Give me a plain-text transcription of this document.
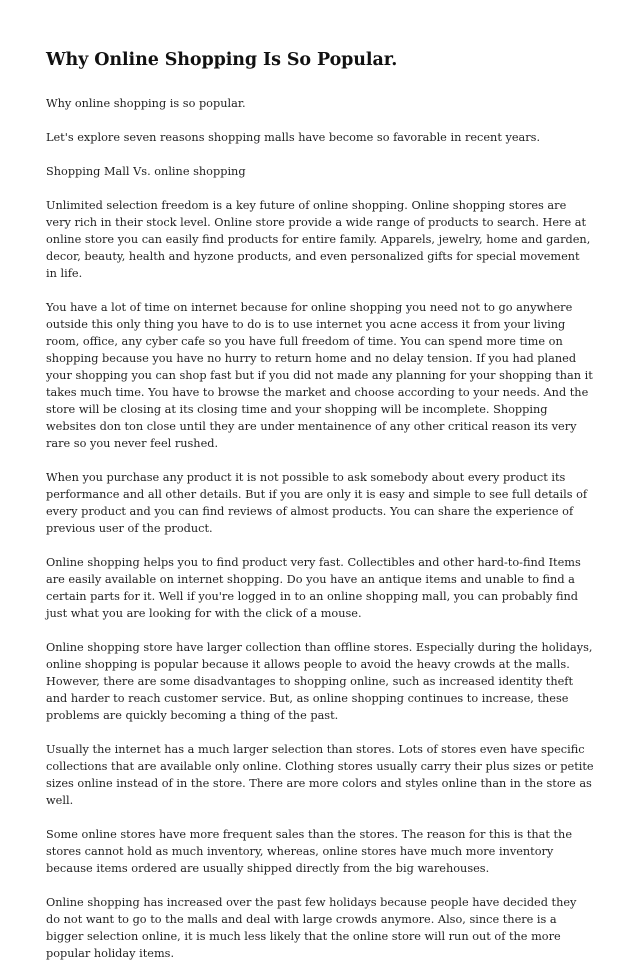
Why Online Shopping Is So Popular.

Why online shopping is so popular.

Let's explore seven reasons shopping malls have become so favorable in recent years.

Shopping Mall Vs. online shopping

Unlimited selection freedom is a key future of online shopping. Online shopping stores are very rich in their stock level. Online store provide a wide range of products to search. Here at online store you can easily find products for entire family. Apparels, jewelry, home and garden, decor, beauty, health and hyzone products, and even personalized gifts for special movement in life.

You have a lot of time on internet because for online shopping you need not to go anywhere outside this only thing you have to do is to use internet you acne access it from your living room, office, any cyber cafe so you have full freedom of time. You can spend more time on shopping because you have no hurry to return home and no delay tension. If you had planed your shopping you can shop fast but if you did not made any planning for your shopping than it takes much time. You have to browse the market and choose according to your needs. And the store will be closing at its closing time and your shopping will be incomplete. Shopping websites don ton close until they are under mentainence of any other critical reason its very rare so you never feel rushed.

When you purchase any product it is not possible to ask somebody about every product its performance and all other details. But if you are only it is easy and simple to see full details of every product and you can find reviews of almost products. You can share the experience of previous user of the product.

Online shopping helps you to find product very fast. Collectibles and other hard-to-find Items are easily available on internet shopping. Do you have an antique items and unable to find a certain parts for it. Well if you're logged in to an online shopping mall, you can probably find just what you are looking for with the click of a mouse.

Online shopping store have larger collection than offline stores. Especially during the holidays, online shopping is popular because it allows people to avoid the heavy crowds at the malls. However, there are some disadvantages to shopping online, such as increased identity theft and harder to reach customer service. But, as online shopping continues to increase, these problems are quickly becoming a thing of the past.

Usually the internet has a much larger selection than stores. Lots of stores even have specific collections that are available only online. Clothing stores usually carry their plus sizes or petite sizes online instead of in the store. There are more colors and styles online than in the store as well.

Some online stores have more frequent sales than the stores. The reason for this is that the stores cannot hold as much inventory, whereas, online stores have much more inventory because items ordered are usually shipped directly from the big warehouses.

Online shopping has increased over the past few holidays because people have decided they do not want to go to the malls and deal with large crowds anymore. Also, since there is a bigger selection online, it is much less likely that the online store will run out of the more popular holiday items.
